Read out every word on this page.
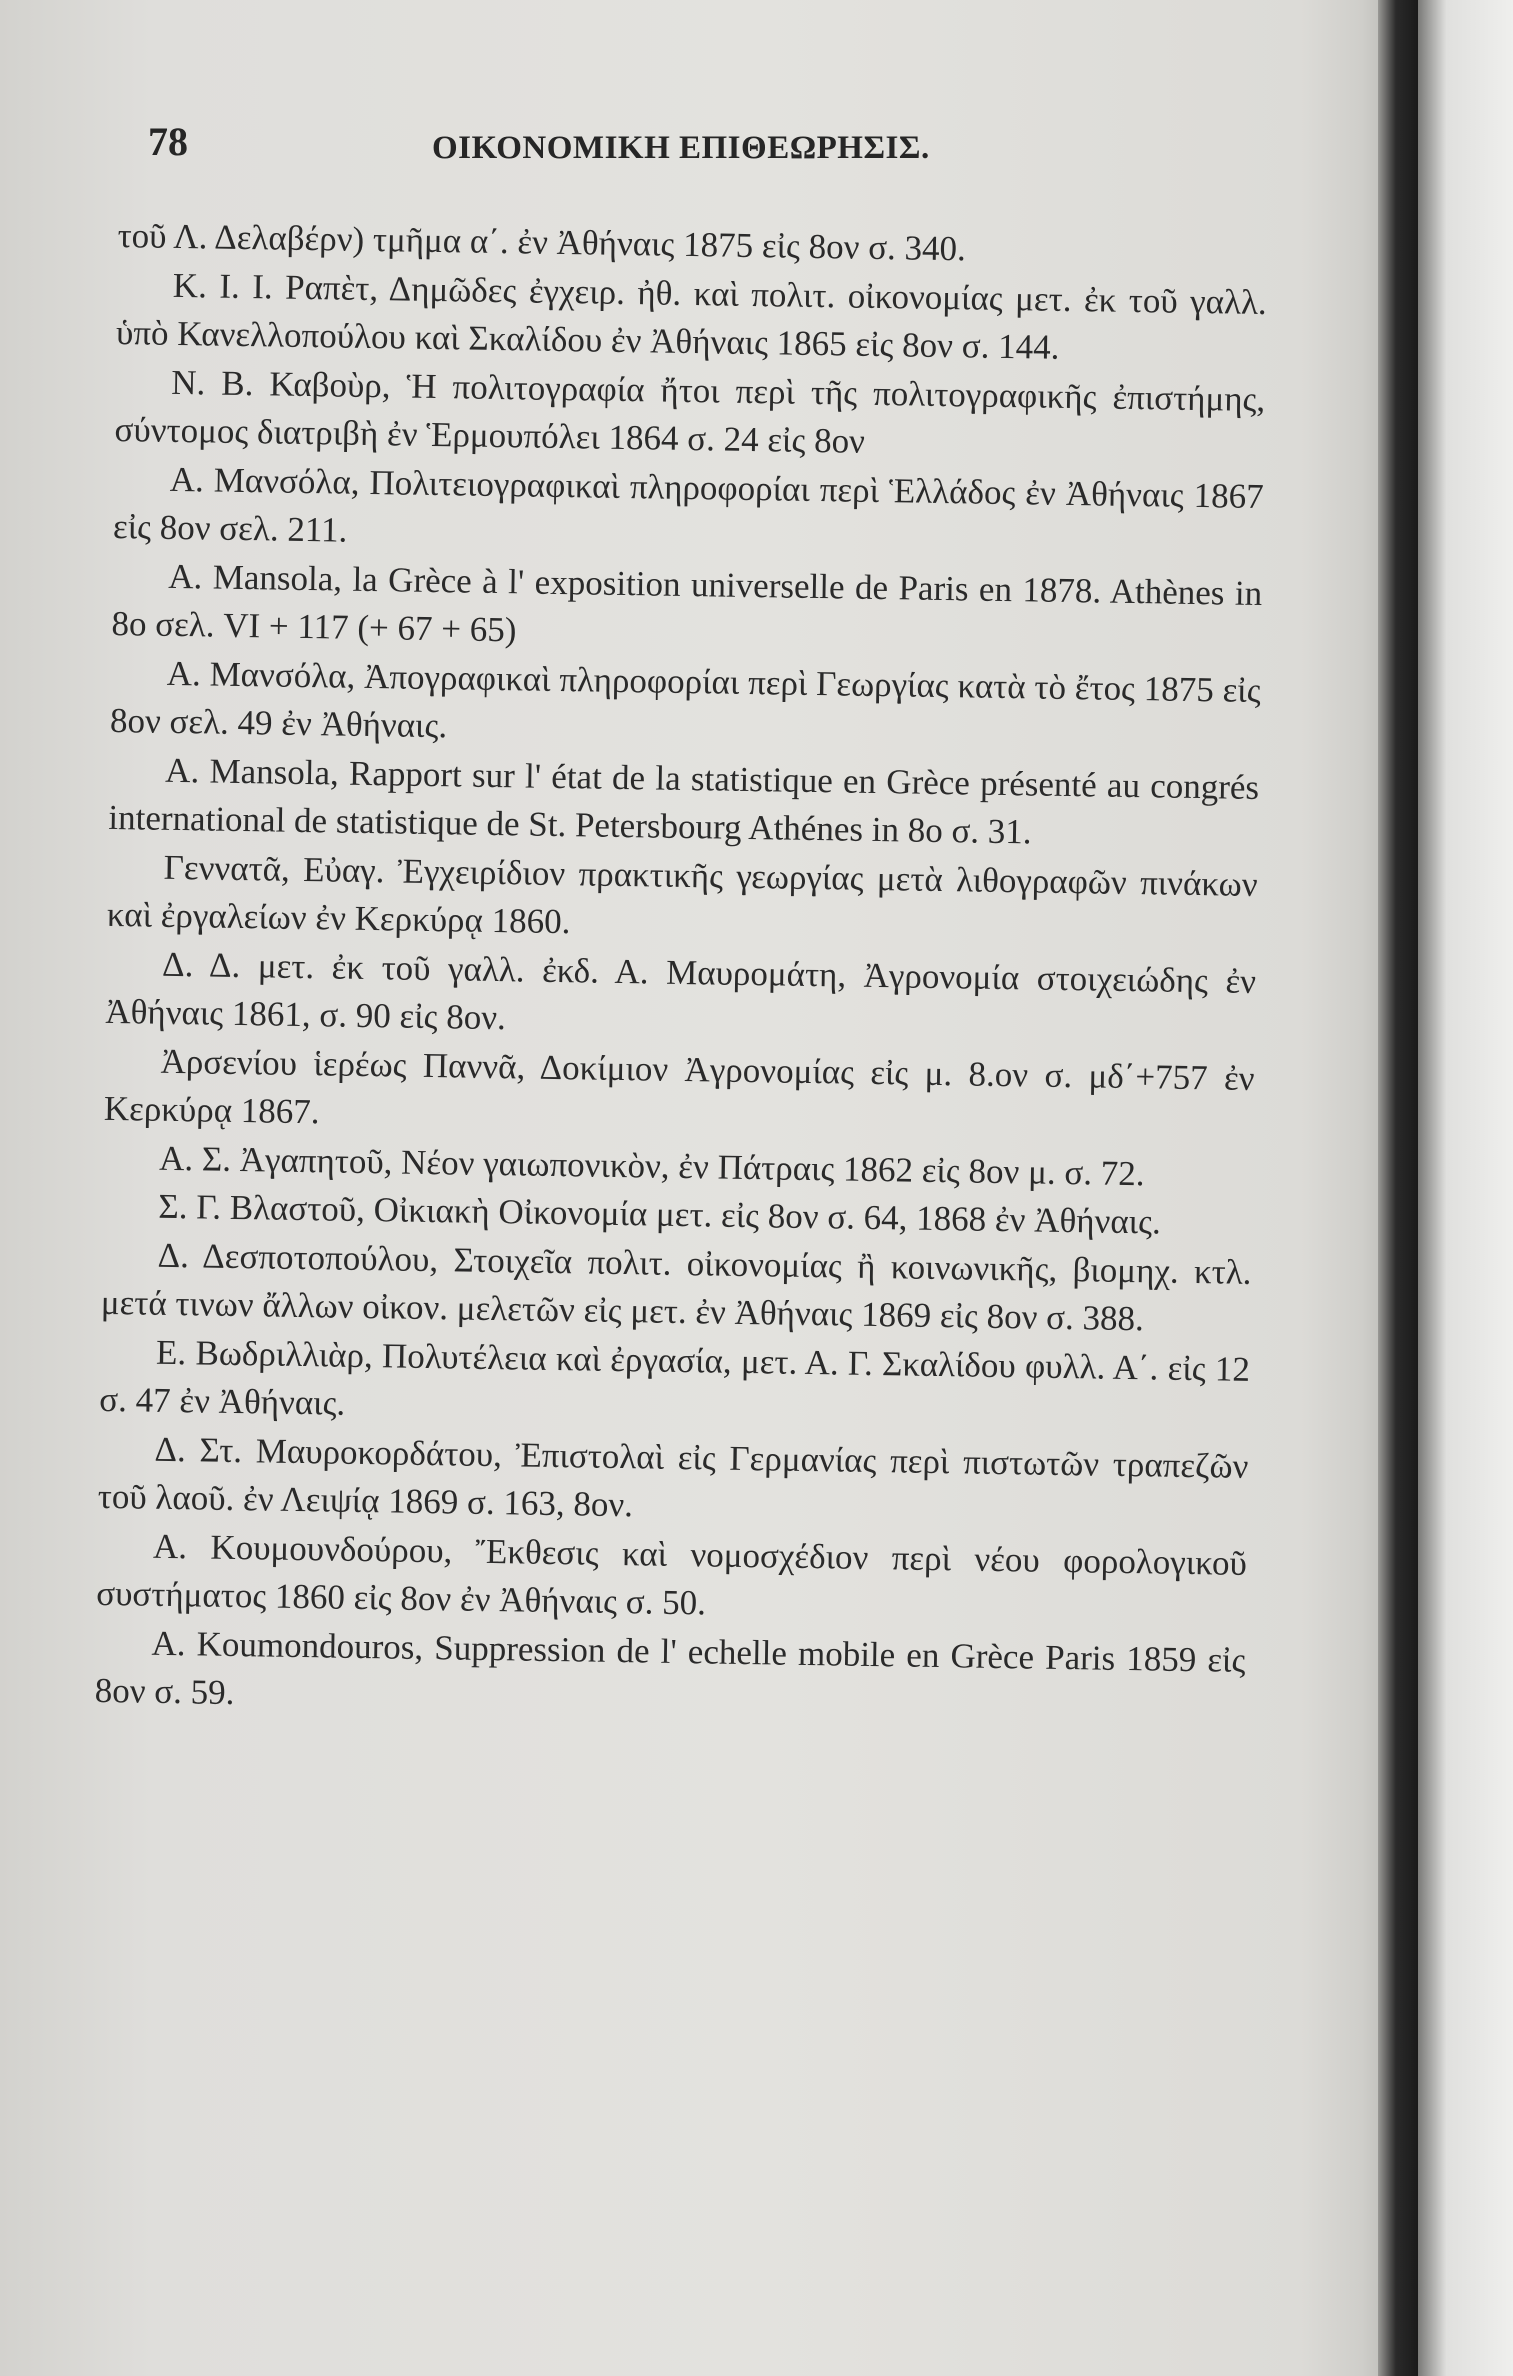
78	ΟΙΚΟΝΟΜΙΚΗ ΕΠΙΘΕΩΡΗΣΙΣ.

τοῦ Λ. Δελαβέρν) τμῆμα α΄. ἐν Ἀθήναις 1875 εἰς 8ον σ. 340.

Κ. Ι. Ι. Ραπὲτ, Δημῶδες ἐγχειρ. ἠθ. καὶ πολιτ. οἰκονομίας μετ. ἐκ τοῦ γαλλ. ὑπὸ Κανελλοπούλου καὶ Σκαλίδου ἐν Ἀθήναις 1865 εἰς 8ον σ. 144.

Ν. Β. Καβοὺρ, Ἡ πολιτογραφία ἤτοι περὶ τῆς πολιτογραφικῆς ἐπιστήμης, σύντομος διατριβὴ ἐν Ἑρμουπόλει 1864 σ. 24 εἰς 8ον

Α. Μανσόλα, Πολιτειογραφικαὶ πληροφορίαι περὶ Ἑλλάδος ἐν Ἀθήναις 1867 εἰς 8ον σελ. 211.

A. Mansola, la Grèce à l' exposition universelle de Paris en 1878. Athènes in 8o σελ. VI + 117 (+ 67 + 65)

Α. Μανσόλα, Ἀπογραφικαὶ πληροφορίαι περὶ Γεωργίας κατὰ τὸ ἔτος 1875 εἰς 8ον σελ. 49 ἐν Ἀθήναις.

A. Mansola, Rapport sur l' état de la statistique en Grèce présenté au congrés international de statistique de St. Petersbourg Athénes in 8o σ. 31.

Γεννατᾶ, Εὐαγ. Ἐγχειρίδιον πρακτικῆς γεωργίας μετὰ λιθογραφῶν πινάκων καὶ ἐργαλείων ἐν Κερκύρᾳ 1860.

Δ. Δ. μετ. ἐκ τοῦ γαλλ. ἐκδ. Α. Μαυρομάτη, Ἀγρονομία στοιχειώδης ἐν Ἀθήναις 1861, σ. 90 εἰς 8ον.

Ἀρσενίου ἱερέως Παννᾶ, Δοκίμιον Ἀγρονομίας εἰς μ. 8.ον σ. μδ΄+757 ἐν Κερκύρᾳ 1867.

Α. Σ. Ἀγαπητοῦ, Νέον γαιωπονικὸν, ἐν Πάτραις 1862 εἰς 8ον μ. σ. 72.

Σ. Γ. Βλαστοῦ, Οἰκιακὴ Οἰκονομία μετ. εἰς 8ον σ. 64, 1868 ἐν Ἀθήναις.

Δ. Δεσποτοπούλου, Στοιχεῖα πολιτ. οἰκονομίας ἢ κοινωνικῆς, βιομηχ. κτλ. μετά τινων ἄλλων οἰκον. μελετῶν εἰς μετ. ἐν Ἀθήναις 1869 εἰς 8ον σ. 388.

Ε. Βωδριλλιὰρ, Πολυτέλεια καὶ ἐργασία, μετ. Α. Γ. Σκαλίδου φυλλ. Α΄. εἰς 12 σ. 47 ἐν Ἀθήναις.

Δ. Στ. Μαυροκορδάτου, Ἐπιστολαὶ εἰς Γερμανίας περὶ πιστωτῶν τραπεζῶν τοῦ λαοῦ. ἐν Λειψίᾳ 1869 σ. 163, 8ον.

Α. Κουμουνδούρου, Ἔκθεσις καὶ νομοσχέδιον περὶ νέου φορολογικοῦ συστήματος 1860 εἰς 8ον ἐν Ἀθήναις σ. 50.

A. Koumondouros, Suppression de l' echelle mobile en Grèce Paris 1859 εἰς 8ον σ. 59.
